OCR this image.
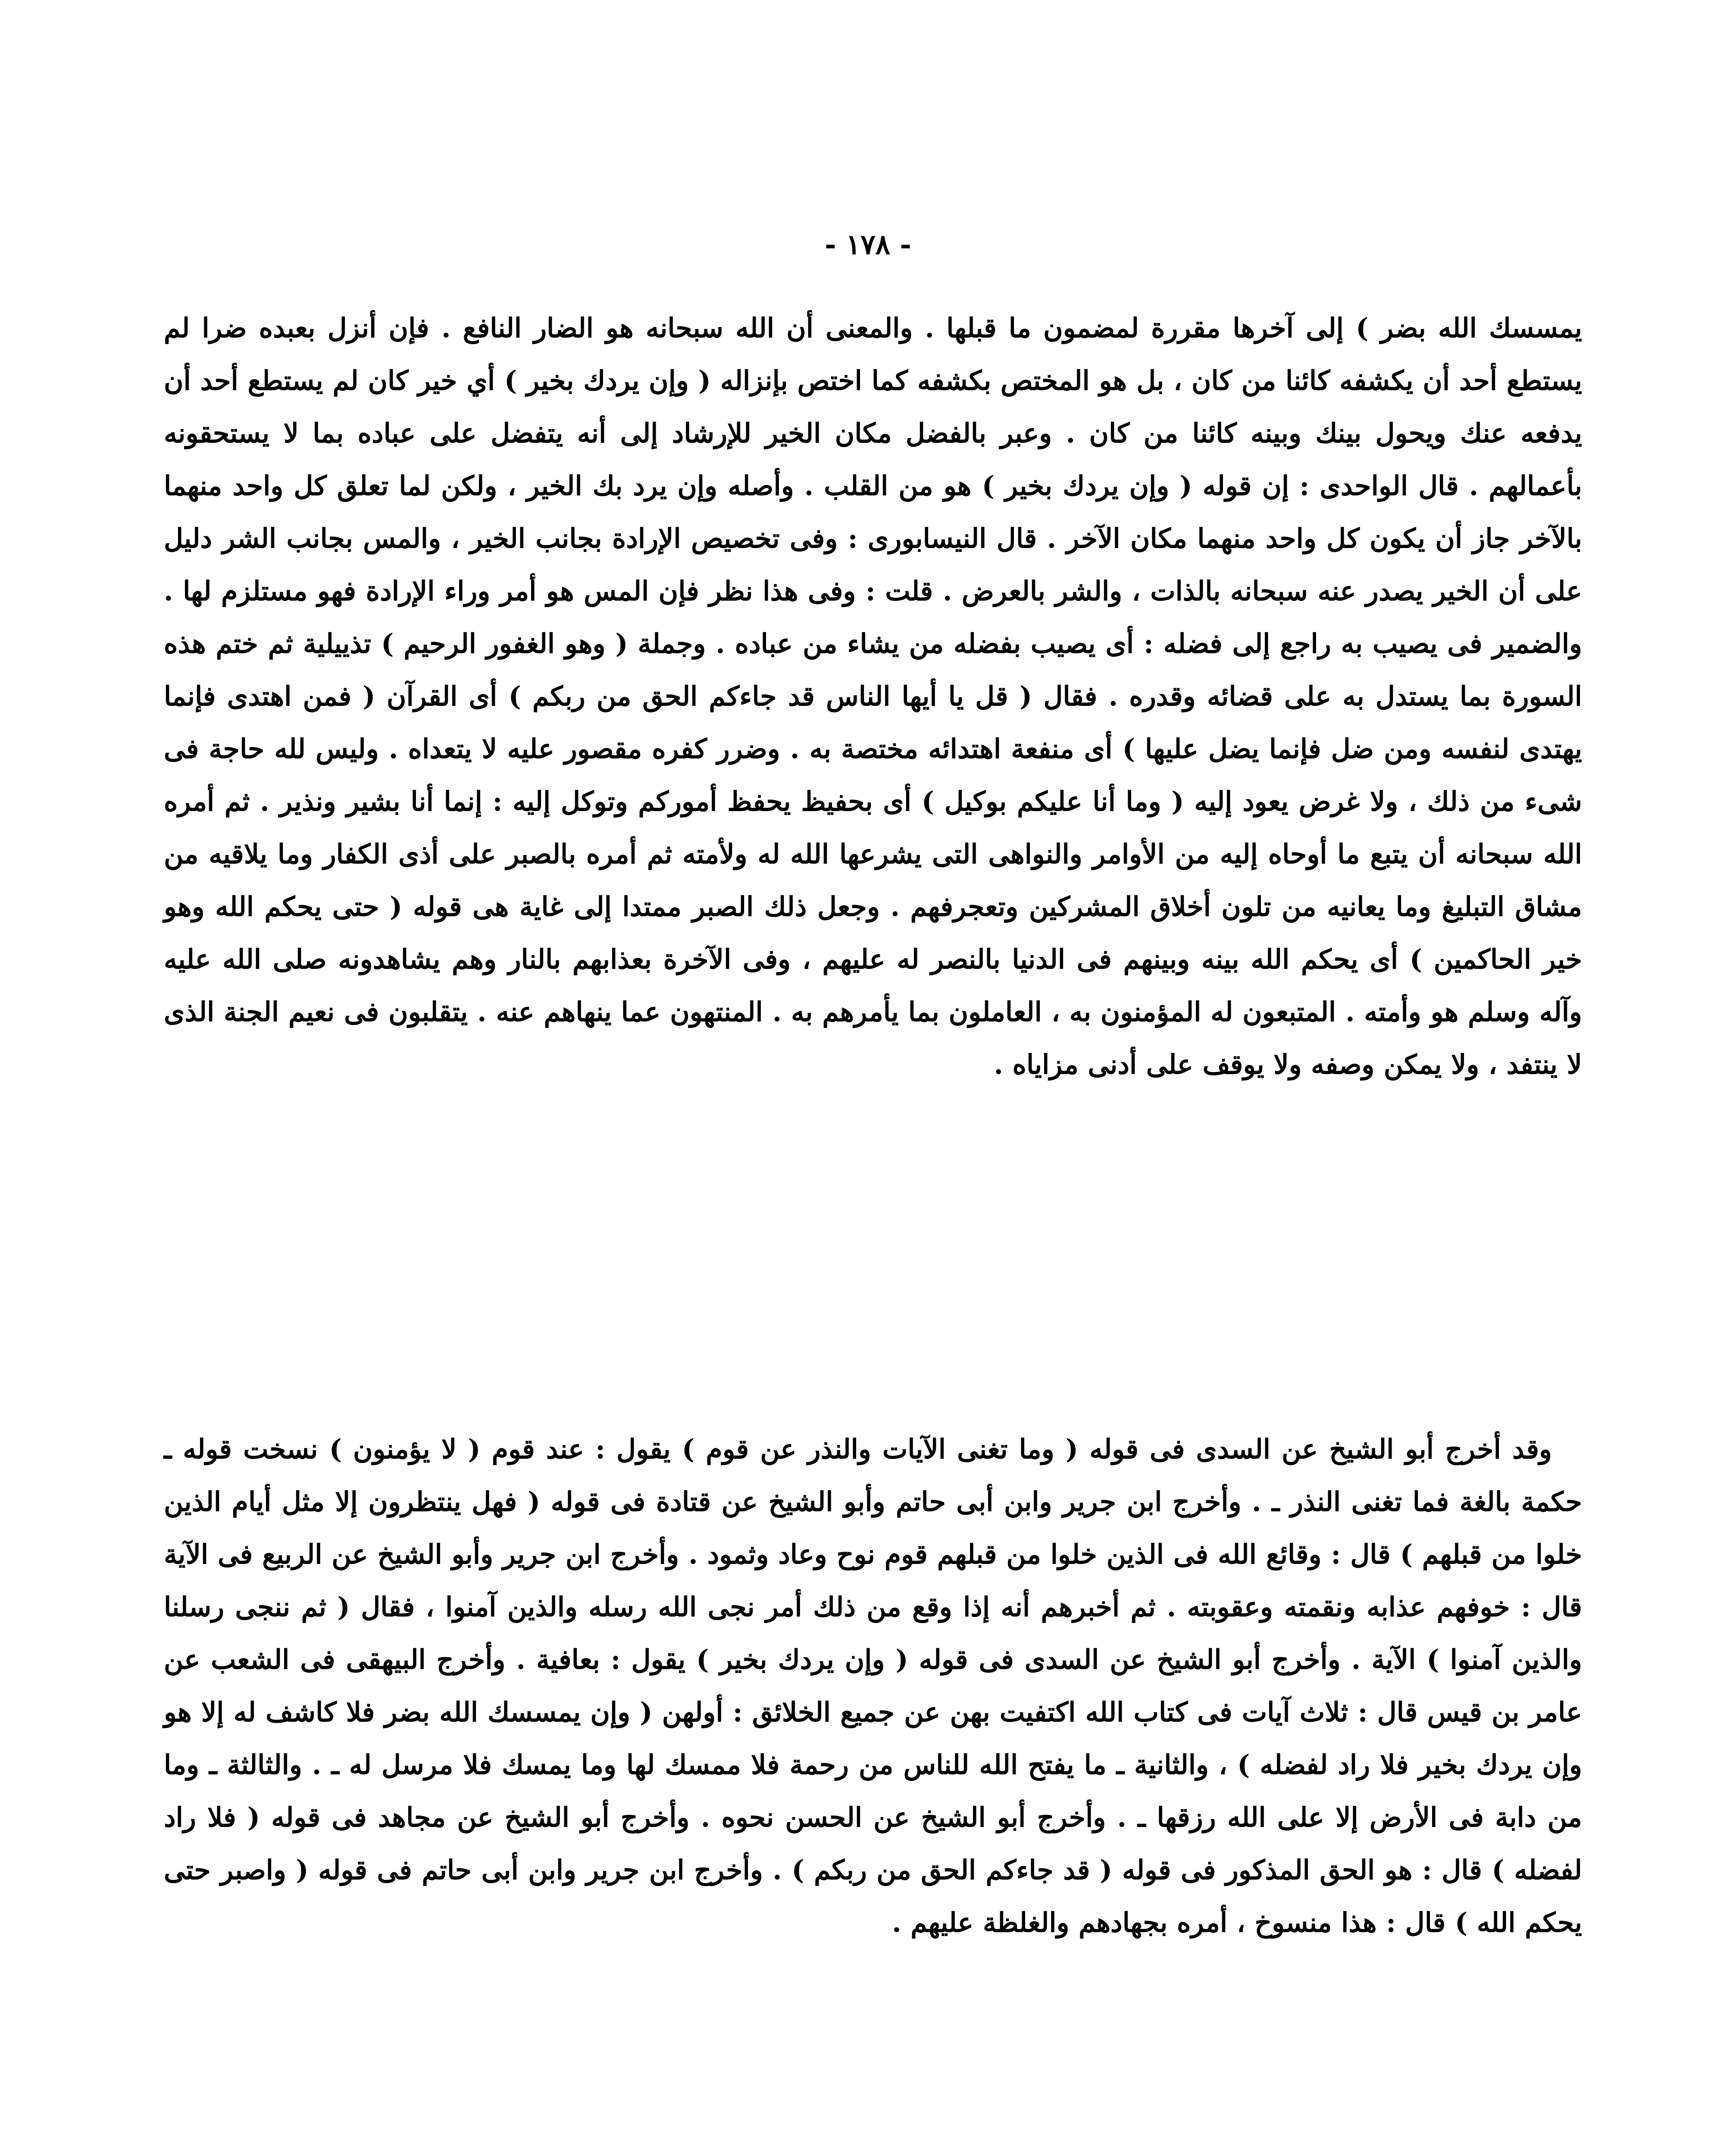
- ١٧٨ -

يمسسك الله بضر ) إلى آخرها مقررة لمضمون ما قبلها . والمعنى أن الله سبحانه هو الضار النافع . فإن أنزل بعبده ضرا لم يستطع أحد أن يكشفه كائنا من كان ، بل هو المختص بكشفه كما اختص بإنزاله ( وإن يردك بخير ) أي خير كان لم يستطع أحد أن يدفعه عنك ويحول بينك وبينه كائنا من كان . وعبر بالفضل مكان الخير للإرشاد إلى أنه يتفضل على عباده بما لا يستحقونه بأعمالهم . قال الواحدى : إن قوله ( وإن يردك بخير ) هو من القلب . وأصله وإن يرد بك الخير ، ولكن لما تعلق كل واحد منهما بالآخر جاز أن يكون كل واحد منهما مكان الآخر . قال النيسابورى : وفى تخصيص الإرادة بجانب الخير ، والمس بجانب الشر دليل على أن الخير يصدر عنه سبحانه بالذات ، والشر بالعرض . قلت : وفى هذا نظر فإن المس هو أمر وراء الإرادة فهو مستلزم لها . والضمير فى يصيب به راجع إلى فضله : أى يصيب بفضله من يشاء من عباده . وجملة ( وهو الغفور الرحيم ) تذييلية ثم ختم هذه السورة بما يستدل به على قضائه وقدره . فقال ( قل يا أيها الناس قد جاءكم الحق من ربكم ) أى القرآن ( فمن اهتدى فإنما يهتدى لنفسه ومن ضل فإنما يضل عليها ) أى منفعة اهتدائه مختصة به . وضرر كفره مقصور عليه لا يتعداه . وليس لله حاجة فى شىء من ذلك ، ولا غرض يعود إليه ( وما أنا عليكم بوكيل ) أى بحفيظ يحفظ أموركم وتوكل إليه : إنما أنا بشير ونذير . ثم أمره الله سبحانه أن يتبع ما أوحاه إليه من الأوامر والنواهى التى يشرعها الله له ولأمته ثم أمره بالصبر على أذى الكفار وما يلاقيه من مشاق التبليغ وما يعانيه من تلون أخلاق المشركين وتعجرفهم . وجعل ذلك الصبر ممتدا إلى غاية هى قوله ( حتى يحكم الله وهو خير الحاكمين ) أى يحكم الله بينه وبينهم فى الدنيا بالنصر له عليهم ، وفى الآخرة بعذابهم بالنار وهم يشاهدونه صلى الله عليه وآله وسلم هو وأمته . المتبعون له المؤمنون به ، العاملون بما يأمرهم به . المنتهون عما ينهاهم عنه . يتقلبون فى نعيم الجنة الذى لا ينتفد ، ولا يمكن وصفه ولا يوقف على أدنى مزاياه .

وقد أخرج أبو الشيخ عن السدى فى قوله ( وما تغنى الآيات والنذر عن قوم ) يقول : عند قوم ( لا يؤمنون ) نسخت قوله ـ حكمة بالغة فما تغنى النذر ـ . وأخرج ابن جرير وابن أبى حاتم وأبو الشيخ عن قتادة فى قوله ( فهل ينتظرون إلا مثل أيام الذين خلوا من قبلهم ) قال : وقائع الله فى الذين خلوا من قبلهم قوم نوح وعاد وثمود . وأخرج ابن جرير وأبو الشيخ عن الربيع فى الآية قال : خوفهم عذابه ونقمته وعقوبته . ثم أخبرهم أنه إذا وقع من ذلك أمر نجى الله رسله والذين آمنوا ، فقال ( ثم ننجى رسلنا والذين آمنوا ) الآية . وأخرج أبو الشيخ عن السدى فى قوله ( وإن يردك بخير ) يقول : بعافية . وأخرج البيهقى فى الشعب عن عامر بن قيس قال : ثلاث آيات فى كتاب الله اكتفيت بهن عن جميع الخلائق : أولهن ( وإن يمسسك الله بضر فلا كاشف له إلا هو وإن يردك بخير فلا راد لفضله ) ، والثانية ـ ما يفتح الله للناس من رحمة فلا ممسك لها وما يمسك فلا مرسل له ـ . والثالثة ـ وما من دابة فى الأرض إلا على الله رزقها ـ . وأخرج أبو الشيخ عن الحسن نحوه . وأخرج أبو الشيخ عن مجاهد فى قوله ( فلا راد لفضله ) قال : هو الحق المذكور فى قوله ( قد جاءكم الحق من ربكم ) . وأخرج ابن جرير وابن أبى حاتم فى قوله ( واصبر حتى يحكم الله ) قال : هذا منسوخ ، أمره بجهادهم والغلظة عليهم .
